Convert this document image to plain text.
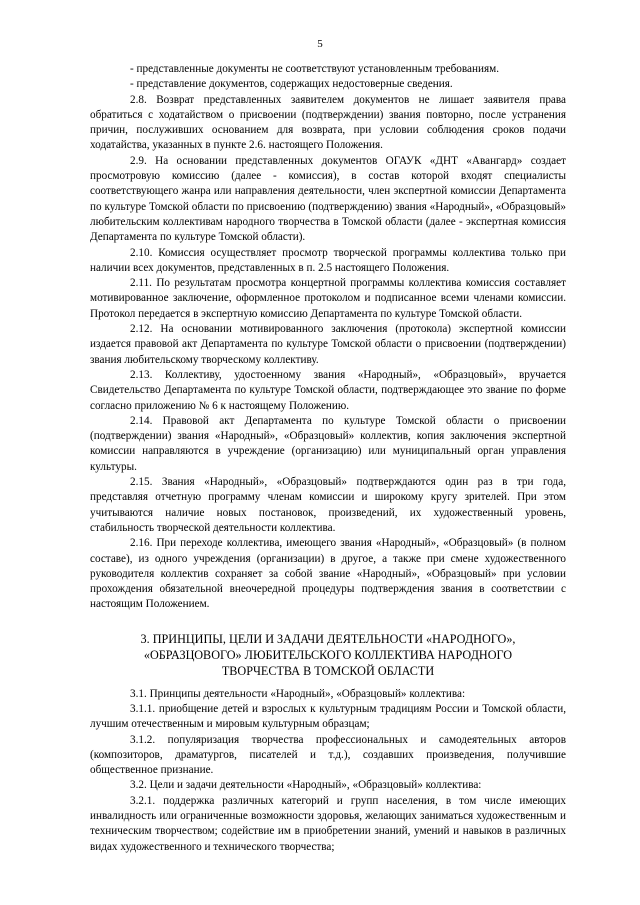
5

- представленные документы не соответствуют установленным требованиям.

- представление документов, содержащих недостоверные сведения.

2.8. Возврат представленных заявителем документов не лишает заявителя права обратиться с ходатайством о присвоении (подтверждении) звания повторно, после устранения причин, послуживших основанием для возврата, при условии соблюдения сроков подачи ходатайства, указанных в пункте 2.6. настоящего Положения.

2.9. На основании представленных документов ОГАУК «ДНТ «Авангард» создает просмотровую комиссию (далее - комиссия), в состав которой входят специалисты соответствующего жанра или направления деятельности, член экспертной комиссии Департамента по культуре Томской области по присвоению (подтверждению) звания «Народный», «Образцовый» любительским коллективам народного творчества в Томской области (далее - экспертная комиссия Департамента по культуре Томской области).

2.10. Комиссия осуществляет просмотр творческой программы коллектива только при наличии всех документов, представленных в п. 2.5 настоящего Положения.

2.11. По результатам просмотра концертной программы коллектива комиссия составляет мотивированное заключение, оформленное протоколом и подписанное всеми членами комиссии. Протокол передается в экспертную комиссию Департамента по культуре Томской области.

2.12. На основании мотивированного заключения (протокола) экспертной комиссии издается правовой акт Департамента по культуре Томской области о присвоении (подтверждении) звания любительскому творческому коллективу.

2.13. Коллективу, удостоенному звания «Народный», «Образцовый», вручается Свидетельство Департамента по культуре Томской области, подтверждающее это звание по форме согласно приложению № 6 к настоящему Положению.

2.14. Правовой акт Департамента по культуре Томской области о присвоении (подтверждении) звания «Народный», «Образцовый» коллектив, копия заключения экспертной комиссии направляются в учреждение (организацию) или муниципальный орган управления культуры.

2.15. Звания «Народный», «Образцовый» подтверждаются один раз в три года, представляя отчетную программу членам комиссии и широкому кругу зрителей. При этом учитываются наличие новых постановок, произведений, их художественный уровень, стабильность творческой деятельности коллектива.

2.16. При переходе коллектива, имеющего звания «Народный», «Образцовый» (в полном составе), из одного учреждения (организации) в другое, а также при смене художественного руководителя коллектив сохраняет за собой звание «Народный», «Образцовый» при условии прохождения обязательной внеочередной процедуры подтверждения звания в соответствии с настоящим Положением.

3. ПРИНЦИПЫ, ЦЕЛИ И ЗАДАЧИ ДЕЯТЕЛЬНОСТИ «НАРОДНОГО»,
«ОБРАЗЦОВОГО» ЛЮБИТЕЛЬСКОГО КОЛЛЕКТИВА НАРОДНОГО
ТВОРЧЕСТВА В ТОМСКОЙ ОБЛАСТИ

3.1. Принципы деятельности «Народный», «Образцовый» коллектива:

3.1.1. приобщение детей и взрослых к культурным традициям России и Томской области, лучшим отечественным и мировым культурным образцам;

3.1.2. популяризация творчества профессиональных и самодеятельных авторов (композиторов, драматургов, писателей и т.д.), создавших произведения, получившие общественное признание.

3.2. Цели и задачи деятельности «Народный», «Образцовый» коллектива:

3.2.1. поддержка различных категорий и групп населения, в том числе имеющих инвалидность или ограниченные возможности здоровья, желающих заниматься художественным и техническим творчеством; содействие им в приобретении знаний, умений и навыков в различных видах художественного и технического творчества;
